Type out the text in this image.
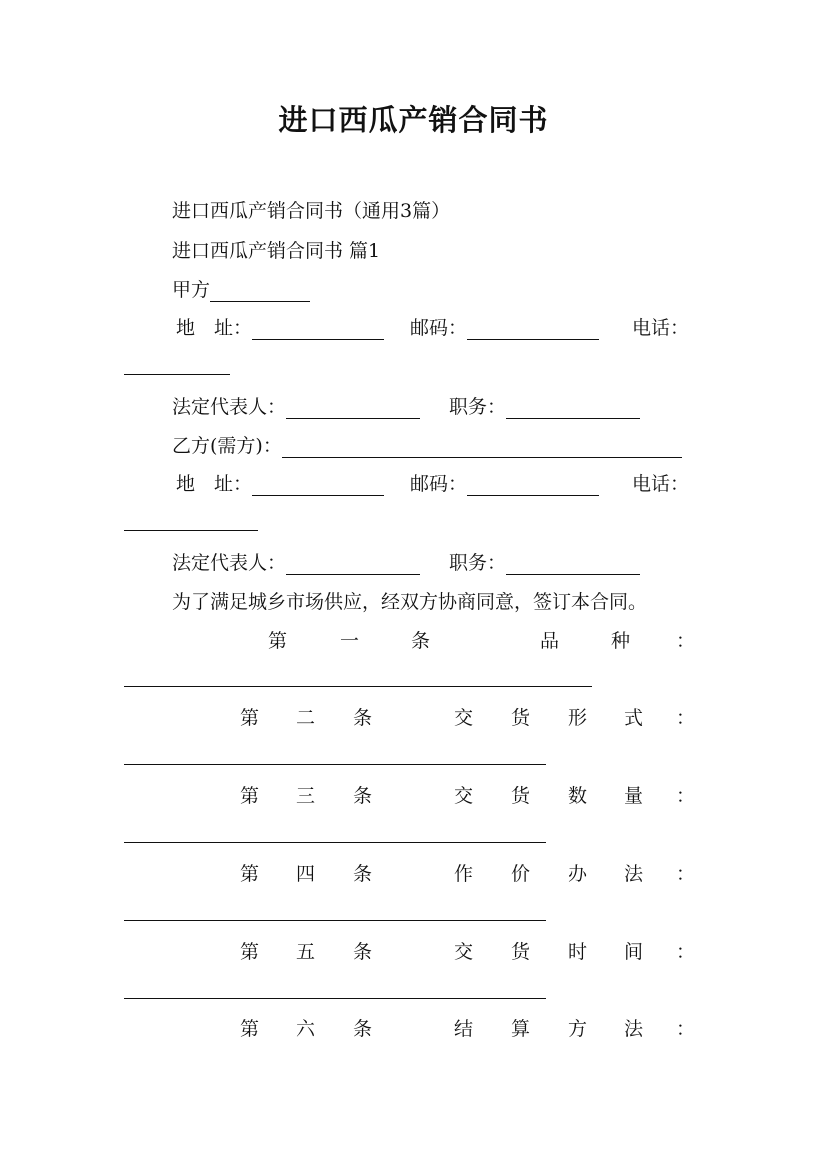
进口西瓜产销合同书
进口西瓜产销合同书（通用3篇）
进口西瓜产销合同书 篇1
甲方
地　址：	邮码：	电话：
法定代表人：	职务：
乙方(需方)：
地　址：	邮码：	电话：
法定代表人：	职务：
为了满足城乡市场供应，经双方协商同意，签订本合同。
第	一	条	品	种 ：
第 二 条	交 货 形 式 ：
第 三 条	交 货 数 量 ：
第 四 条	作 价 办 法 ：
第 五 条	交 货 时 间 ：
第 六 条	结 算 方 法 ：
